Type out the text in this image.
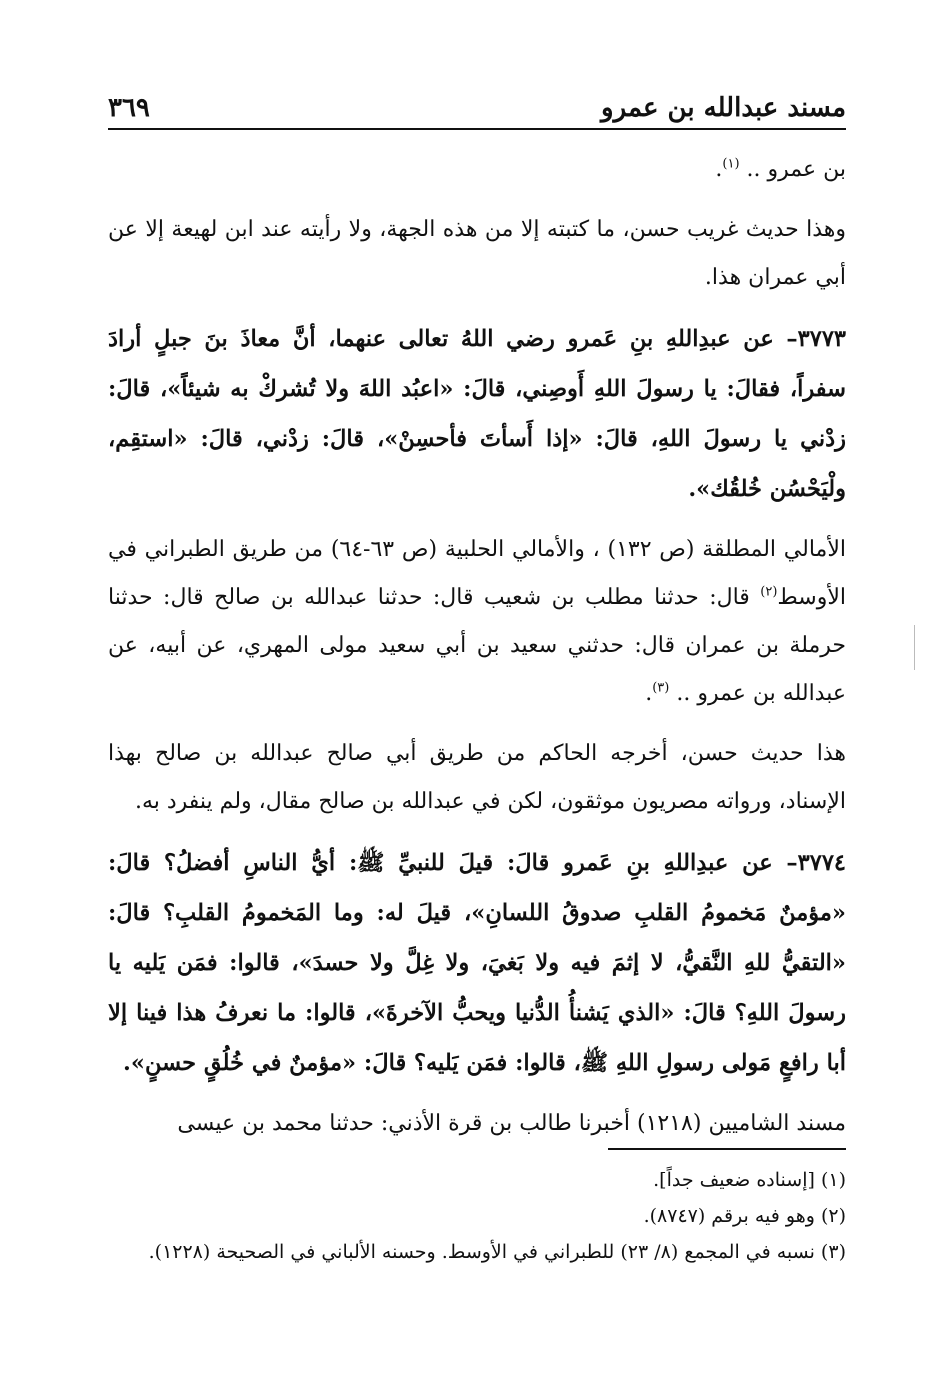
مسند عبدالله بن عمرو
٣٦٩

بن عمرو .. $^{(١)}$.

وهذا حديث غريب حسن، ما كتبته إلا من هذه الجهة، ولا رأيته عند ابن لهيعة إلا عن أبي عمران هذا.

٣٧٧٣– عن عبدِاللهِ بنِ عَمرو رضي اللهُ تعالى عنهما، أنَّ معاذَ بنَ جبلٍ أرادَ سفراً، فقالَ: يا رسولَ اللهِ أَوصِني، قالَ: «اعبُد اللهَ ولا تُشركْ به شيئاً»، قالَ: زدْني يا رسولَ اللهِ، قالَ: «إذا أَسأتَ فأحسِنْ»، قالَ: زدْني، قالَ: «استقِم، ولْيَحْسُن خُلقُك».

الأمالي المطلقة (ص ١٣٢) ، والأمالي الحلبية (ص ٦٣-٦٤) من طريق الطبراني في الأوسط$^{(٢)}$ قال: حدثنا مطلب بن شعيب قال: حدثنا عبدالله بن صالح قال: حدثنا حرملة بن عمران قال: حدثني سعيد بن أبي سعيد مولى المهري، عن أبيه، عن عبدالله بن عمرو .. $^{(٣)}$.

هذا حديث حسن، أخرجه الحاكم من طريق أبي صالح عبدالله بن صالح بهذا الإسناد، ورواته مصريون موثقون، لكن في عبدالله بن صالح مقال، ولم ينفرد به.

٣٧٧٤– عن عبدِاللهِ بنِ عَمرو قالَ: قيلَ للنبيِّ ﷺ: أيُّ الناسِ أفضلُ؟ قالَ: «مؤمنٌ مَخمومُ القلبِ صدوقُ اللسانِ»، قيلَ له: وما المَخمومُ القلبِ؟ قالَ: «التقيُّ للهِ النَّقيُّ، لا إثمَ فيه ولا بَغيَ، ولا غِلَّ ولا حسدَ»، قالوا: فمَن يَليه يا رسولَ اللهِ؟ قالَ: «الذي يَشنأُ الدُّنيا ويحبُّ الآخرةَ»، قالوا: ما نعرفُ هذا فينا إلا أبا رافعٍ مَولى رسولِ اللهِ ﷺ، قالوا: فمَن يَليه؟ قالَ: «مؤمنٌ في خُلُقٍ حسنٍ».

مسند الشاميين (١٢١٨) أخبرنا طالب بن قرة الأذني: حدثنا محمد بن عيسى

(١) [إسناده ضعيف جداً].

(٢) وهو فيه برقم (٨٧٤٧).

(٣) نسبه في المجمع (٨/ ٢٣) للطبراني في الأوسط. وحسنه الألباني في الصحيحة (١٢٢٨).
